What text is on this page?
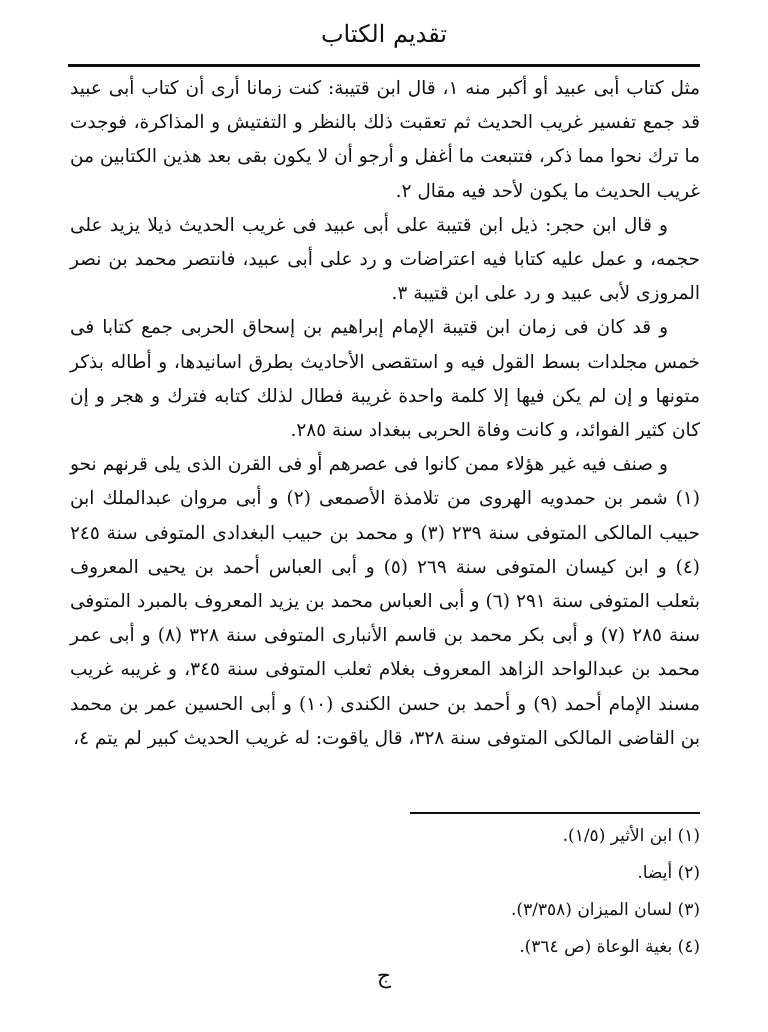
تقديم الكتاب

مثل كتاب أبى عبيد أو أكبر منه ١، قال ابن قتيبة: كنت زمانا أرى أن كتاب أبى عبيد قد جمع تفسير غريب الحديث ثم تعقبت ذلك بالنظر و التفتيش و المذاكرة، فوجدت ما ترك نحوا مما ذكر، فتتبعت ما أغفل و أرجو أن لا يكون بقى بعد هذين الكتابين من غريب الحديث ما يكون لأحد فيه مقال ٢.

و قال ابن حجر: ذيل ابن قتيبة على أبى عبيد فى غريب الحديث ذيلا يزيد على حجمه، و عمل عليه كتابا فيه اعتراضات و رد على أبى عبيد، فانتصر محمد بن نصر المروزى لأبى عبيد و رد على ابن قتيبة ٣.

و قد كان فى زمان ابن قتيبة الإمام إبراهيم بن إسحاق الحربى جمع كتابا فى خمس مجلدات بسط القول فيه و استقصى الأحاديث بطرق اسانيدها، و أطاله بذكر متونها و إن لم يكن فيها إلا كلمة واحدة غريبة فطال لذلك كتابه فترك و هجر و إن كان كثير الفوائد، و كانت وفاة الحربى ببغداد سنة ٢٨٥.

و صنف فيه غير هؤلاء ممن كانوا فى عصرهم أو فى القرن الذى يلى قرنهم نحو (١) شمر بن حمدويه الهروى من تلامذة الأصمعى (٢) و أبى مروان عبدالملك ابن حبيب المالكى المتوفى سنة ٢٣٩ (٣) و محمد بن حبيب البغدادى المتوفى سنة ٢٤٥ (٤) و ابن كيسان المتوفى سنة ٢٦٩ (٥) و أبى العباس أحمد بن يحيى المعروف بثعلب المتوفى سنة ٢٩١ (٦) و أبى العباس محمد بن يزيد المعروف بالمبرد المتوفى سنة ٢٨٥ (٧) و أبى بكر محمد بن قاسم الأنبارى المتوفى سنة ٣٢٨ (٨) و أبى عمر محمد بن عبدالواحد الزاهد المعروف بغلام ثعلب المتوفى سنة ٣٤٥، و غريبه غريب مسند الإمام أحمد (٩) و أحمد بن حسن الكندى (١٠) و أبى الحسين عمر بن محمد بن القاضى المالكى المتوفى سنة ٣٢٨، قال ياقوت: له غريب الحديث كبير لم يتم ٤،

(١) ابن الأثير (١/٥).

(٢) أيضا.

(٣) لسان الميزان (٣/٣٥٨).

(٤) بغية الوعاة (ص ٣٦٤).

ج
